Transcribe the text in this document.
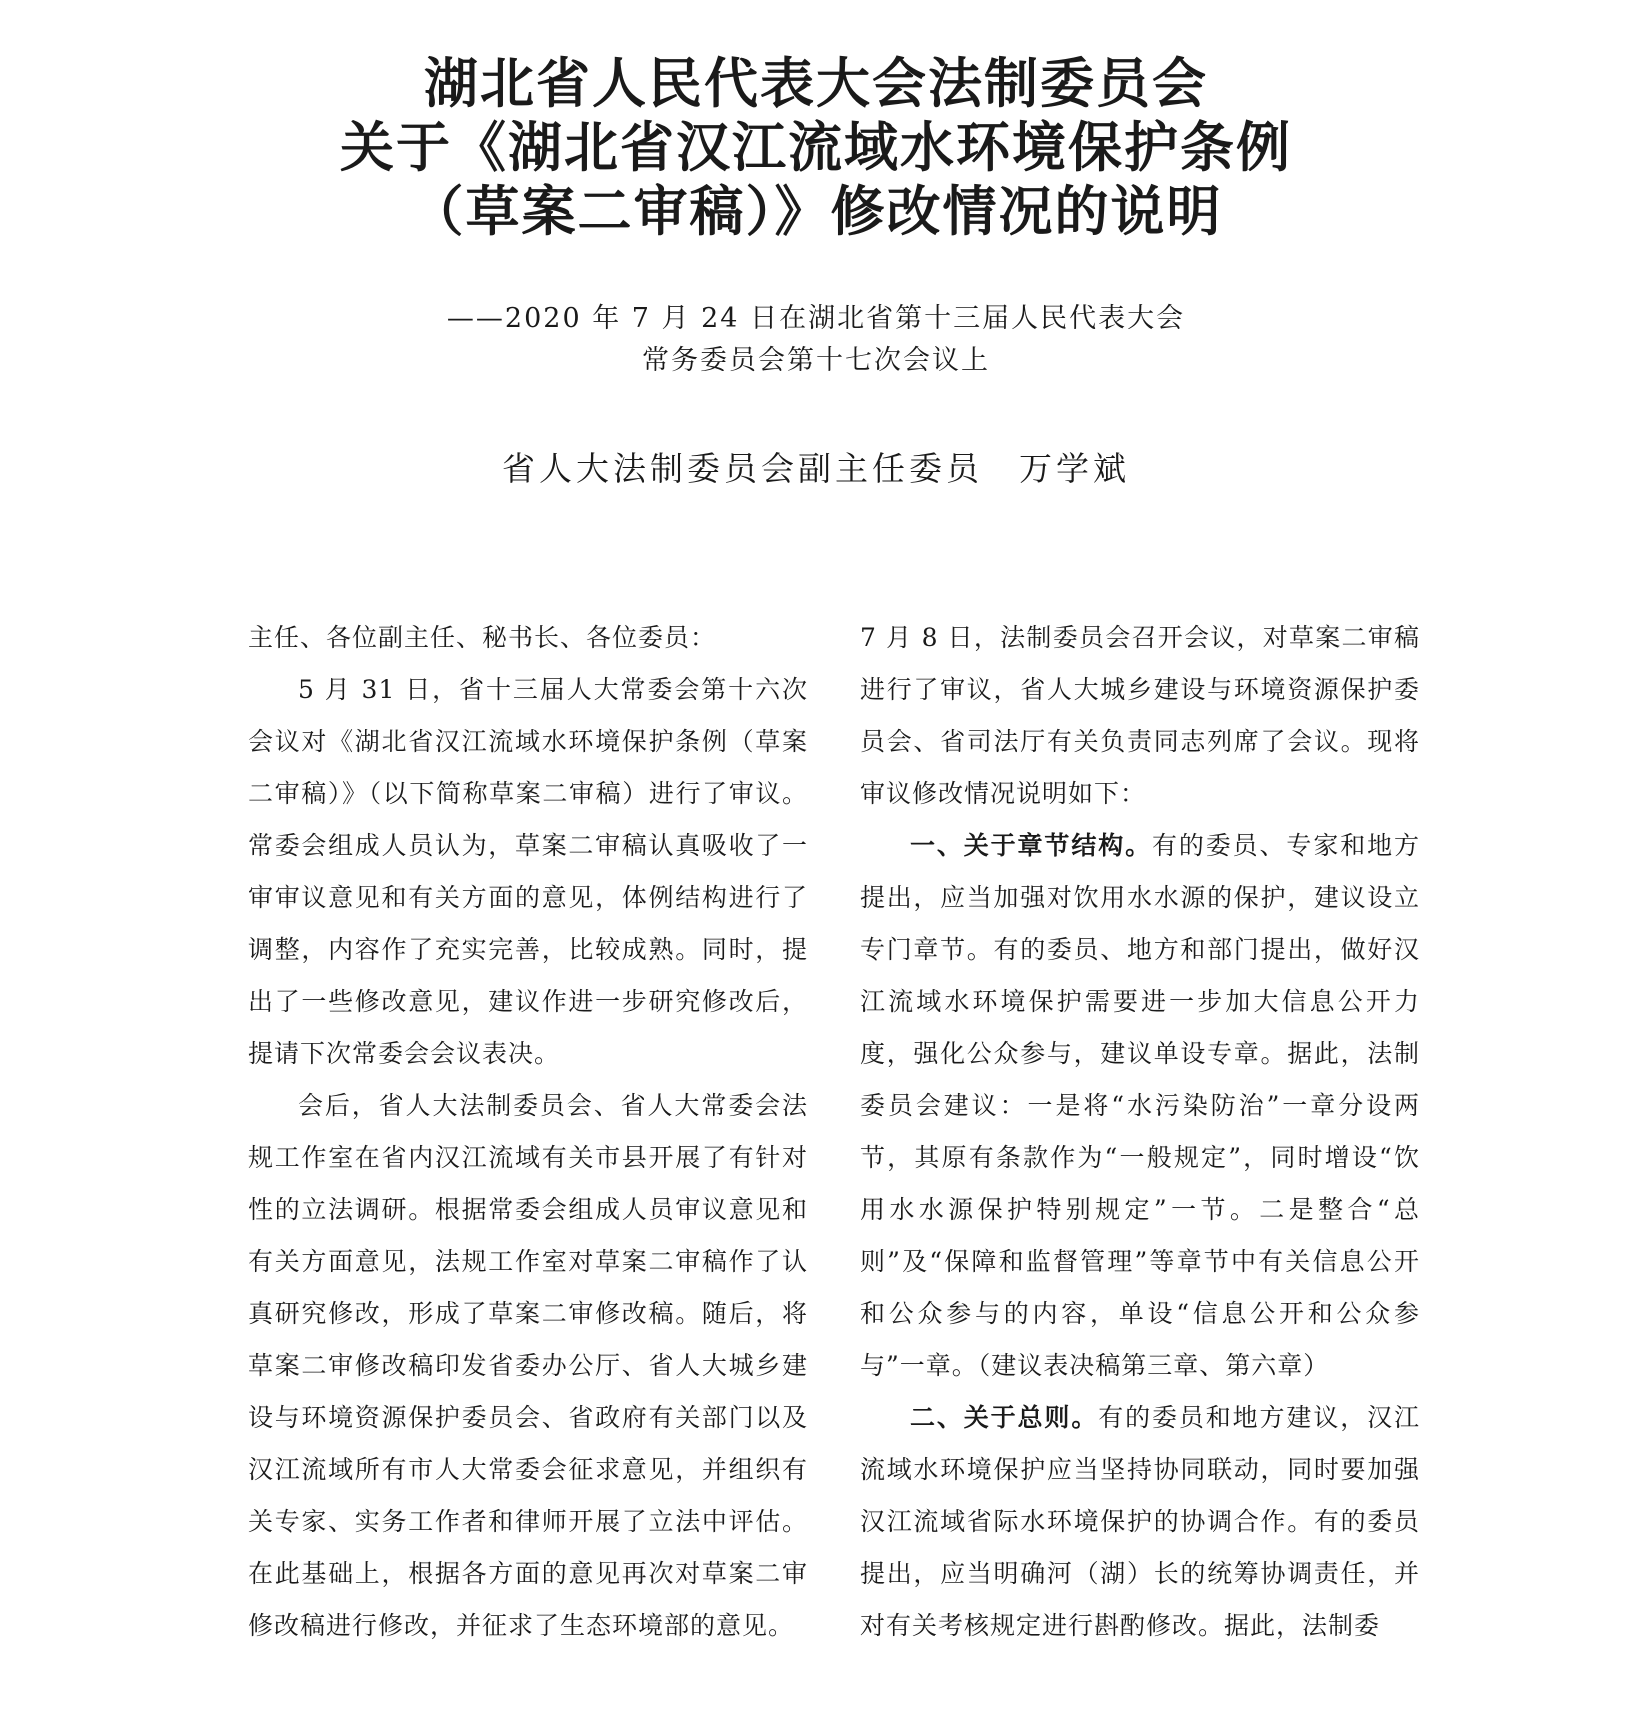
湖北省人民代表大会法制委员会
关于《湖北省汉江流域水环境保护条例
（草案二审稿）》修改情况的说明
——2020 年 7 月 24 日在湖北省第十三届人民代表大会
常务委员会第十七次会议上
省人大法制委员会副主任委员 万学斌

主任、各位副主任、秘书长、各位委员：

5 月 31 日，省十三届人大常委会第十六次会议对《湖北省汉江流域水环境保护条例（草案二审稿）》（以下简称草案二审稿）进行了审议。常委会组成人员认为，草案二审稿认真吸收了一审审议意见和有关方面的意见，体例结构进行了调整，内容作了充实完善，比较成熟。同时，提出了一些修改意见，建议作进一步研究修改后，提请下次常委会会议表决。

会后，省人大法制委员会、省人大常委会法规工作室在省内汉江流域有关市县开展了有针对性的立法调研。根据常委会组成人员审议意见和有关方面意见，法规工作室对草案二审稿作了认真研究修改，形成了草案二审修改稿。随后，将草案二审修改稿印发省委办公厅、省人大城乡建设与环境资源保护委员会、省政府有关部门以及汉江流域所有市人大常委会征求意见，并组织有关专家、实务工作者和律师开展了立法中评估。在此基础上，根据各方面的意见再次对草案二审修改稿进行修改，并征求了生态环境部的意见。

7 月 8 日，法制委员会召开会议，对草案二审稿进行了审议，省人大城乡建设与环境资源保护委员会、省司法厅有关负责同志列席了会议。现将审议修改情况说明如下：

一、关于章节结构。有的委员、专家和地方提出，应当加强对饮用水水源的保护，建议设立专门章节。有的委员、地方和部门提出，做好汉江流域水环境保护需要进一步加大信息公开力度，强化公众参与，建议单设专章。据此，法制委员会建议：一是将“水污染防治”一章分设两节，其原有条款作为“一般规定”，同时增设“饮用水水源保护特别规定”一节。二是整合“总则”及“保障和监督管理”等章节中有关信息公开和公众参与的内容，单设“信息公开和公众参与”一章。（建议表决稿第三章、第六章）

二、关于总则。有的委员和地方建议，汉江流域水环境保护应当坚持协同联动，同时要加强汉江流域省际水环境保护的协调合作。有的委员提出，应当明确河（湖）长的统筹协调责任，并对有关考核规定进行斟酌修改。据此，法制委
